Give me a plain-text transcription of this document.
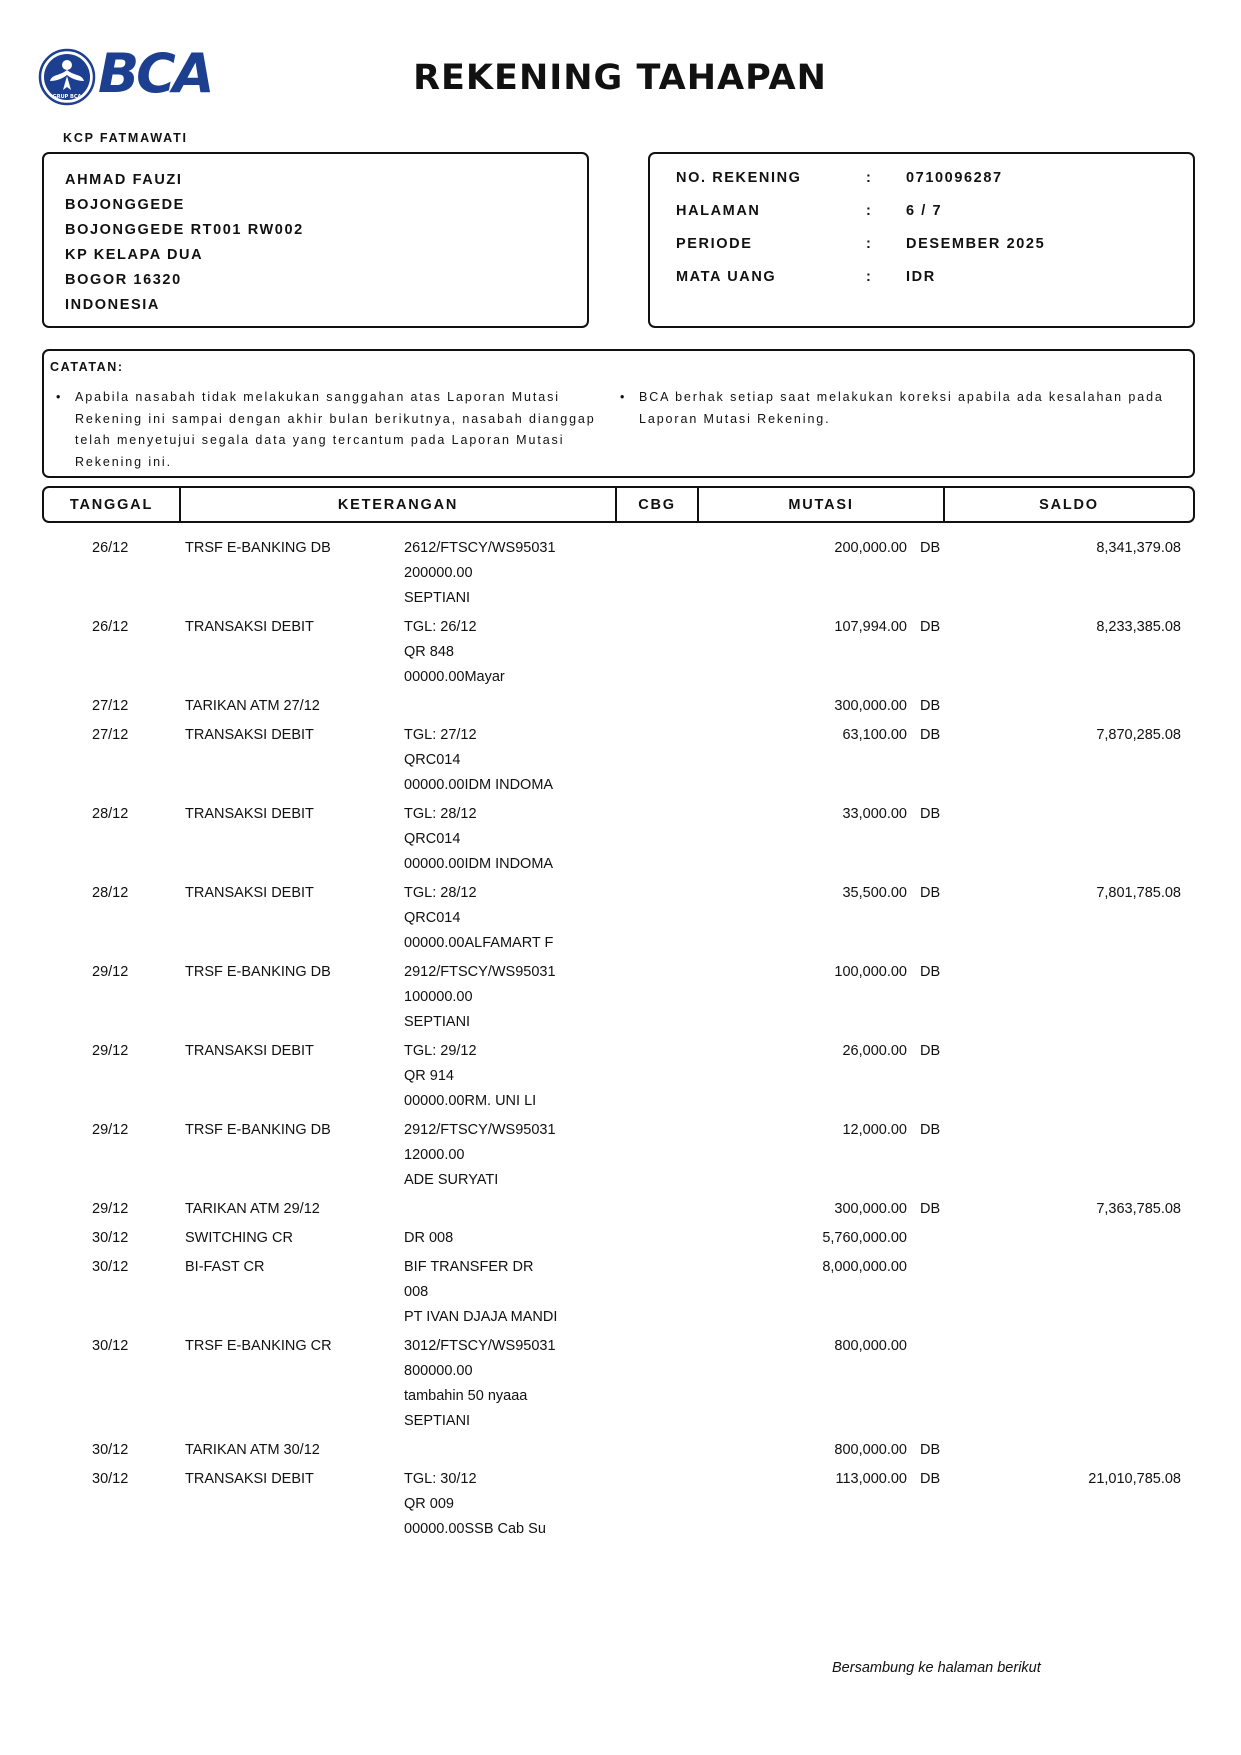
GRUP BCA BCA	REKENING TAHAPAN
KCP FATMAWATI
AHMAD FAUZI
BOJONGGEDE
BOJONGGEDE RT001 RW002
KP KELAPA DUA
BOGOR 16320
INDONESIA
NO. REKENING	: 0710096287
HALAMAN	: 6 / 7
PERIODE	: DESEMBER 2025
MATA UANG	: IDR
CATATAN:
• Apabila nasabah tidak melakukan sanggahan atas Laporan Mutasi Rekening ini sampai dengan akhir bulan berikutnya, nasabah dianggap telah menyetujui segala data yang tercantum pada Laporan Mutasi Rekening ini.
• BCA berhak setiap saat melakukan koreksi apabila ada kesalahan pada Laporan Mutasi Rekening.
TANGGAL	KETERANGAN	CBG	MUTASI	SALDO
26/12	TRSF E-BANKING DB	2612/FTSCY/WS95031
200000.00
SEPTIANI
200,000.00 DB	8,341,379.08
26/12	TRANSAKSI DEBIT	TGL: 26/12
QR 848
00000.00Mayar
107,994.00 DB	8,233,385.08
27/12	TARIKAN ATM 27/12	300,000.00 DB
27/12	TRANSAKSI DEBIT	TGL: 27/12
QRC014
00000.00IDM INDOMA
63,100.00 DB	7,870,285.08
28/12	TRANSAKSI DEBIT	TGL: 28/12
QRC014
00000.00IDM INDOMA
33,000.00 DB
28/12	TRANSAKSI DEBIT	TGL: 28/12
QRC014
00000.00ALFAMART F
35,500.00 DB	7,801,785.08
29/12	TRSF E-BANKING DB	2912/FTSCY/WS95031
100000.00
SEPTIANI
100,000.00 DB
29/12	TRANSAKSI DEBIT	TGL: 29/12
QR 914
00000.00RM. UNI LI
26,000.00 DB
29/12	TRSF E-BANKING DB	2912/FTSCY/WS95031
12000.00
ADE SURYATI
12,000.00 DB
29/12	TARIKAN ATM 29/12	300,000.00 DB	7,363,785.08
30/12	SWITCHING CR	DR 008	5,760,000.00
30/12	BI-FAST CR	BIF TRANSFER DR
008
PT IVAN DJAJA MANDI
8,000,000.00
30/12	TRSF E-BANKING CR	3012/FTSCY/WS95031
800000.00
tambahin 50 nyaaa
SEPTIANI
800,000.00
30/12	TARIKAN ATM 30/12	800,000.00 DB
30/12	TRANSAKSI DEBIT	TGL: 30/12
QR 009
00000.00SSB Cab Su
113,000.00 DB	21,010,785.08
Bersambung ke halaman berikut
